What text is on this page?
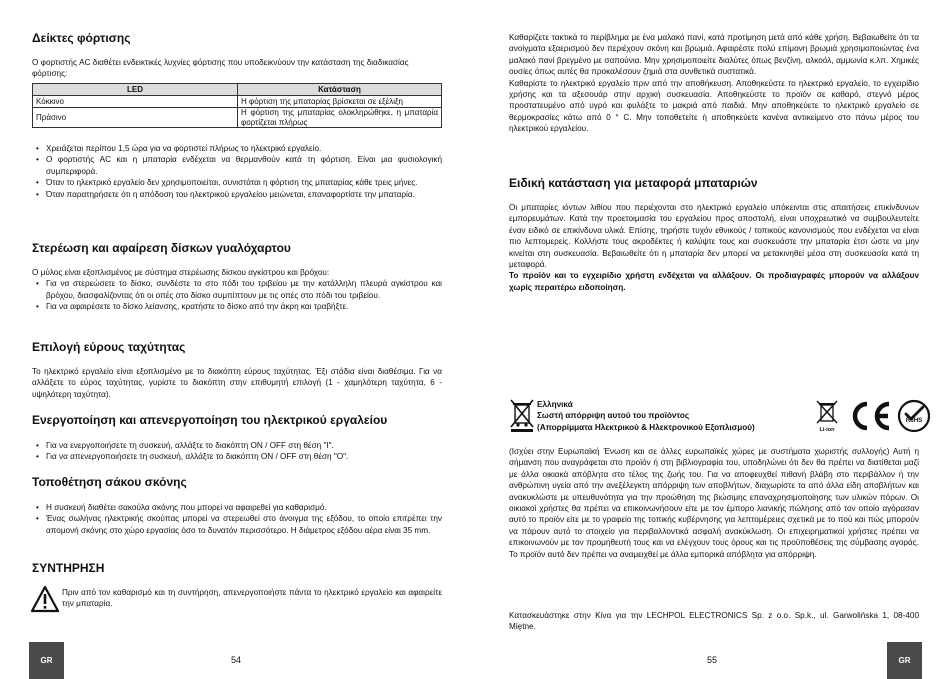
Δείκτες φόρτισης

Ο φορτιστής AC διαθέτει ενδεικτικές λυχνίες φόρτισης που υποδεικνύουν την κατάσταση της διαδικασίας φόρτισης:

LED	Κατάσταση
Κόκκινο	Η φόρτιση της μπαταρίας βρίσκεται σε εξέλιξη
Πράσινο	Η φόρτιση της μπαταρίας ολοκληρώθηκε, η μπαταρία φορτίζεται πλήρως
• Χρειάζεται περίπου 1,5 ώρα για να φορτιστεί πλήρως το ηλεκτρικό εργαλείο.
• Ο φορτιστής AC και η μπαταρία ενδέχεται να θερμανθούν κατά τη φόρτιση. Είναι μια φυσιολογική συμπεριφορά.
• Όταν το ηλεκτρικό εργαλείο δεν χρησιμοποιείται, συνιστάται η φόρτιση της μπαταρίας κάθε τρεις μήνες.
• Όταν παρατηρήσετε ότι η απόδοση του ηλεκτρικού εργαλείου μειώνεται, επαναφορτίστε την μπαταρία.
Στερέωση και αφαίρεση δίσκων γυαλόχαρτου

Ο μύλος είναι εξοπλισμένος με σύστημα στερέωσης δίσκου αγκίστρου και βρόχου:

• Για να στερεώσετε το δίσκο, συνδέστε το στο πόδι του τριβείου με την κατάλληλη πλευρά αγκίστρου και βρόχου, διασφαλίζοντας ότι οι οπές στο δίσκο συμπίπτουν με τις οπές στο πόδι του τριβείου.
• Για να αφαιρέσετε το δίσκο λείανσης, κρατήστε το δίσκο από την άκρη και τραβήξτε.
Επιλογή εύρους ταχύτητας

Το ηλεκτρικό εργαλείο είναι εξοπλισμένο με το διακόπτη εύρους ταχύτητας. Έξι στάδια είναι διαθέσιμα. Για να αλλάξετε το εύρος ταχύτητας, γυρίστε το διακόπτη στην επιθυμητή επιλογή (1 - χαμηλότερη ταχύτητα, 6 - υψηλότερη ταχύτητα).

Ενεργοποίηση και απενεργοποίηση του ηλεκτρικού εργαλείου
• Για να ενεργοποιήσετε τη συσκευή, αλλάξτε το διακόπτη ON / OFF στη θέση "I".
• Για να απενεργοποιήσετε τη συσκευή, αλλάξτε το διακόπτη ON / OFF στη θέση "O".
Τοποθέτηση σάκου σκόνης
• Η συσκευή διαθέτει σακούλα σκόνης που μπορεί να αφαιρεθεί για καθαρισμό.
• Ένας σωλήνας ηλεκτρικής σκούπας μπορεί να στερεωθεί στο άνοιγμα της εξόδου, το οποίο επιτρέπει την απομονή σκόνης στο χώρο εργασίας όσο το δυνατόν περισσότερο. Η διάμετρος εξόδου αέρα είναι 35 mm.
ΣΥΝΤΗΡΗΣΗ

Πριν από τον καθαρισμό και τη συντήρηση, απενεργοποιήστε πάντα το ηλεκτρικό εργαλείο και αφαιρείτε την μπαταρία.

GR	54

Καθαρίζετε τακτικά το περίβλημα με ένα μαλακό πανί, κατά προτίμηση μετά από κάθε χρήση. Βεβαιωθείτε ότι τα ανοίγματα εξαερισμού δεν περιέχουν σκόνη και βρωμιά. Αφαιρέστε πολύ επίμονη βρωμιά χρησιμοποιώντας ένα μαλακό πανί βρεγμένο με σαπούνια. Μην χρησιμοποιείτε διαλύτες όπως βενζίνη, αλκοόλ, αμμωνία κ.λπ. Χημικές ουσίες όπως αυτές θα προκαλέσουν ζημιά στα συνθετικά συστατικά.

Καθαρίστε το ηλεκτρικό εργαλείο πριν από την αποθήκευση. Αποθηκεύστε το ηλεκτρικό εργαλείο, το εγχειρίδιο χρήσης και τα αξεσουάρ στην αρχική συσκευασία. Αποθηκεύστε το προϊόν σε καθαρό, στεγνό μέρος προστατευμένο από υγρό και φυλάξτε το μακριά από παιδιά. Μην αποθηκεύετε το ηλεκτρικό εργαλείο σε θερμοκρασίες κάτω από 0 ° C. Μην τοποθετείτε ή αποθηκεύετε κανένα αντικείμενο στο πάνω μέρος του ηλεκτρικού εργαλείου.

Ειδική κατάσταση για μεταφορά μπαταριών

Οι μπαταρίες ιόντων λιθίου που περιέχονται στο ηλεκτρικό εργαλείο υπόκεινται στις απαιτήσεις επικίνδυνων εμπορευμάτων. Κατά την προετοιμασία του εργαλείου προς αποστολή, είναι υποχρεωτικό να συμβουλευτείτε έναν ειδικό σε επικίνδυνα υλικά. Επίσης, τηρήστε τυχόν εθνικούς / τοπικούς κανονισμούς που ενδέχεται να είναι πιο λεπτομερείς. Κολλήστε τους ακροδέκτες ή καλύψτε τους και συσκευάστε την μπαταρία έτσι ώστε να μην κινείται στη συσκευασία. Βεβαιωθείτε ότι η μπαταρία δεν μπορεί να μετακινηθεί μέσα στη συσκευασία κατά τη μεταφορά.

Το προϊόν και το εγχειρίδιο χρήστη ενδέχεται να αλλάξουν. Οι προδιαγραφές μπορούν να αλλάξουν χωρίς περαιτέρω ειδοποίηση.

Ελληνικά

Σωστή απόρριψη αυτού του προϊόντος

(Απορρίμματα Ηλεκτρικού & Ηλεκτρονικού Εξοπλισμού)	Li-ion
RoHS

(Ισχύει στην Ευρωπαϊκή Ένωση και σε άλλες ευρωπαϊκές χώρες με συστήματα χωριστής συλλογής) Αυτή η σήμανση που αναγράφεται στο προϊόν ή στη βιβλιογραφία του, υποδηλώνει ότι δεν θα πρέπει να διατίθεται μαζί με άλλα οικιακά απόβλητα στο τέλος της ζωής του. Για να αποφευχθεί πιθανή βλάβη στο περιβάλλον ή την ανθρώπινη υγεία από την ανεξέλεγκτη απόρριψη των αποβλήτων, διαχωρίστε τα από άλλα είδη αποβλήτων και ανακυκλώστε με υπευθυνότητα για την προώθηση της βιώσιμης επαναχρησιμοποίησης των υλικών πόρων. Οι οικιακοί χρήστες θα πρέπει να επικοινωνήσουν είτε με τον έμπορο λιανικής πώλησης από τον οποίο αγόρασαν αυτό το προϊόν είτε με το γραφείο της τοπικής κυβέρνησης για λεπτομέρειες σχετικά με το πού και πώς μπορούν να πάρουν αυτό το στοιχείο για περιβαλλοντικά ασφαλή ανακύκλωση. Οι επιχειρηματικοί χρήστες πρέπει να επικοινωνούν με τον προμηθευτή τους και να ελέγχουν τους όρους και τις προϋποθέσεις της σύμβασης αγοράς. Το προϊόν αυτό δεν πρέπει να αναμειχθεί με άλλα εμπορικά απόβλητα για απόρριψη.

Κατασκευάστηκε στην Κίνα για την LECHPOL ELECTRONICS Sp. z o.o. Sp.k., ul. Garwolińska 1, 08-400 Miętne.

55	GR
